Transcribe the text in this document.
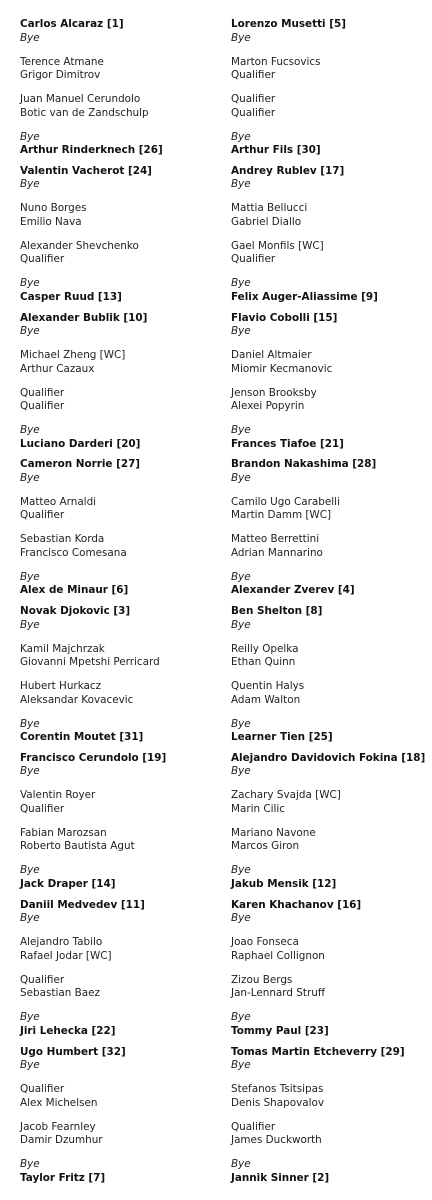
Carlos Alcaraz [1]
Bye
Terence Atmane
Grigor Dimitrov
Juan Manuel Cerundolo
Botic van de Zandschulp
Bye
Arthur Rinderknech [26]
Valentin Vacherot [24]
Bye
Nuno Borges
Emilio Nava
Alexander Shevchenko
Qualifier
Bye
Casper Ruud [13]
Alexander Bublik [10]
Bye
Michael Zheng [WC]
Arthur Cazaux
Qualifier
Qualifier
Bye
Luciano Darderi [20]
Cameron Norrie [27]
Bye
Matteo Arnaldi
Qualifier
Sebastian Korda
Francisco Comesana
Bye
Alex de Minaur [6]
Novak Djokovic [3]
Bye
Kamil Majchrzak
Giovanni Mpetshi Perricard
Hubert Hurkacz
Aleksandar Kovacevic
Bye
Corentin Moutet [31]
Francisco Cerundolo [19]
Bye
Valentin Royer
Qualifier
Fabian Marozsan
Roberto Bautista Agut
Bye
Jack Draper [14]
Daniil Medvedev [11]
Bye
Alejandro Tabilo
Rafael Jodar [WC]
Qualifier
Sebastian Baez
Bye
Jiri Lehecka [22]
Ugo Humbert [32]
Bye
Qualifier
Alex Michelsen
Jacob Fearnley
Damir Dzumhur
Bye
Taylor Fritz [7]
Lorenzo Musetti [5]
Bye
Marton Fucsovics
Qualifier
Qualifier
Qualifier
Bye
Arthur Fils [30]
Andrey Rublev [17]
Bye
Mattia Bellucci
Gabriel Diallo
Gael Monfils [WC]
Qualifier
Bye
Felix Auger-Aliassime [9]
Flavio Cobolli [15]
Bye
Daniel Altmaier
Miomir Kecmanovic
Jenson Brooksby
Alexei Popyrin
Bye
Frances Tiafoe [21]
Brandon Nakashima [28]
Bye
Camilo Ugo Carabelli
Martin Damm [WC]
Matteo Berrettini
Adrian Mannarino
Bye
Alexander Zverev [4]
Ben Shelton [8]
Bye
Reilly Opelka
Ethan Quinn
Quentin Halys
Adam Walton
Bye
Learner Tien [25]
Alejandro Davidovich Fokina [18]
Bye
Zachary Svajda [WC]
Marin Cilic
Mariano Navone
Marcos Giron
Bye
Jakub Mensik [12]
Karen Khachanov [16]
Bye
Joao Fonseca
Raphael Collignon
Zizou Bergs
Jan-Lennard Struff
Bye
Tommy Paul [23]
Tomas Martin Etcheverry [29]
Bye
Stefanos Tsitsipas
Denis Shapovalov
Qualifier
James Duckworth
Bye
Jannik Sinner [2]
